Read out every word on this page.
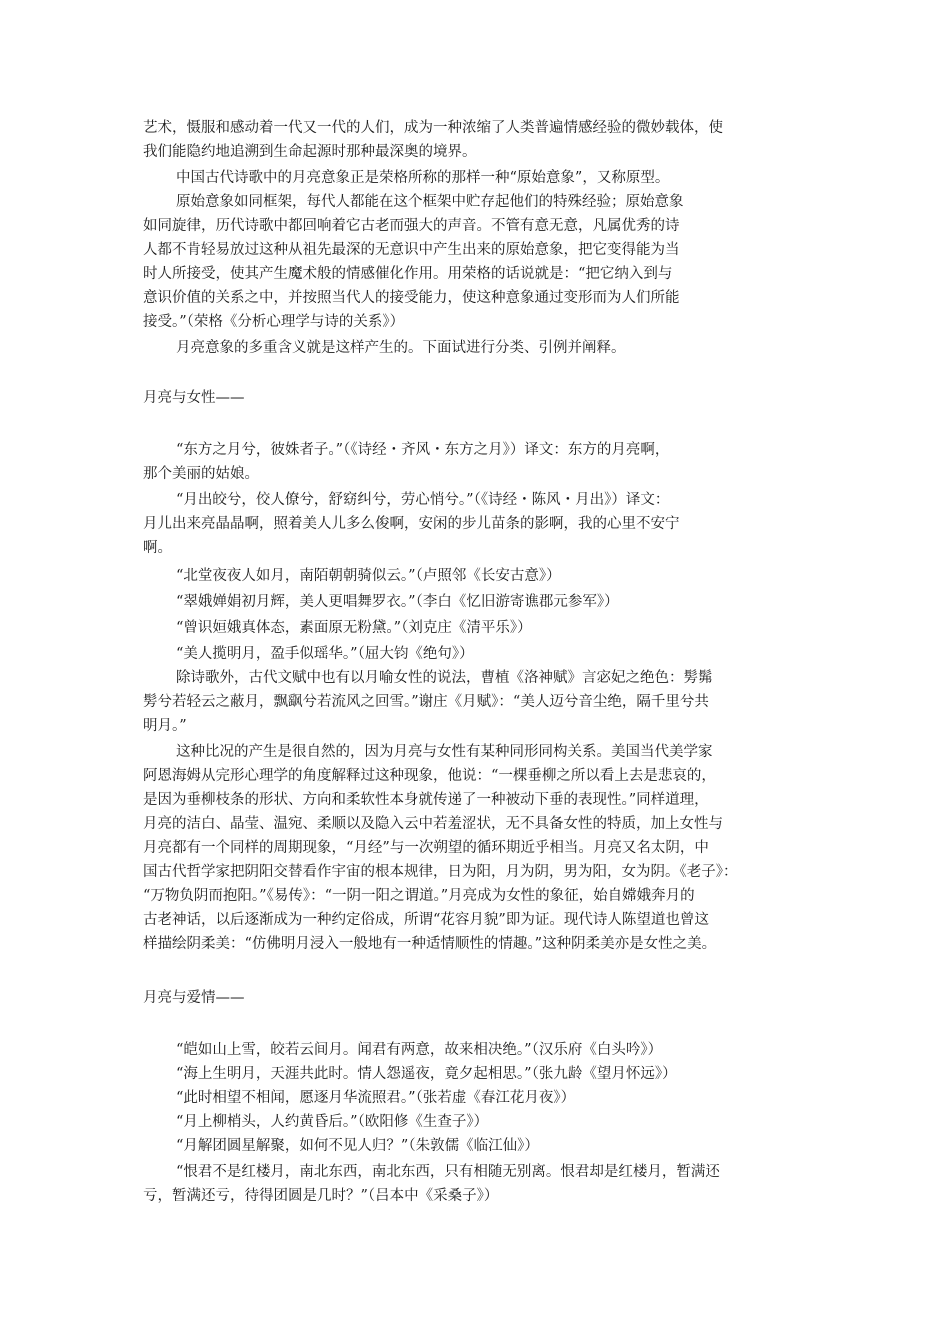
艺术，慑服和感动着一代又一代的人们，成为一种浓缩了人类普遍情感经验的微妙载体，使
我们能隐约地追溯到生命起源时那种最深奥的境界。
中国古代诗歌中的月亮意象正是荣格所称的那样一种“原始意象”，又称原型。
原始意象如同框架，每代人都能在这个框架中贮存起他们的特殊经验；原始意象
如同旋律，历代诗歌中都回响着它古老而强大的声音。不管有意无意，凡属优秀的诗
人都不肯轻易放过这种从祖先最深的无意识中产生出来的原始意象，把它变得能为当
时人所接受，使其产生魔术般的情感催化作用。用荣格的话说就是：“把它纳入到与
意识价值的关系之中，并按照当代人的接受能力，使这种意象通过变形而为人们所能
接受。”（荣格《分析心理学与诗的关系》）
月亮意象的多重含义就是这样产生的。下面试进行分类、引例并阐释。
月亮与女性——
“东方之月兮，彼姝者子。”（《诗经・齐风・东方之月》）译文：东方的月亮啊，
那个美丽的姑娘。
“月出皎兮，佼人僚兮，舒窈纠兮，劳心悄兮。”（《诗经・陈风・月出》）译文：
月儿出来亮晶晶啊，照着美人儿多么俊啊，安闲的步儿苗条的影啊，我的心里不安宁
啊。
“北堂夜夜人如月，南陌朝朝骑似云。”（卢照邻《长安古意》）
“翠娥婵娟初月辉，美人更唱舞罗衣。”（李白《忆旧游寄谯郡元参军》）
“曾识姮娥真体态，素面原无粉黛。”（刘克庄《清平乐》）
“美人揽明月，盈手似瑶华。”（屈大钧《绝句》）
除诗歌外，古代文赋中也有以月喻女性的说法，曹植《洛神赋》言宓妃之绝色：髣髴
髣兮若轻云之蔽月，飘飖兮若流风之回雪。”谢庄《月赋》：“美人迈兮音尘绝，隔千里兮共
明月。”
这种比况的产生是很自然的，因为月亮与女性有某种同形同构关系。美国当代美学家
阿恩海姆从完形心理学的角度解释过这种现象，他说：“一棵垂柳之所以看上去是悲哀的，
是因为垂柳枝条的形状、方向和柔软性本身就传递了一种被动下垂的表现性。”同样道理，
月亮的洁白、晶莹、温宛、柔顺以及隐入云中若羞涩状，无不具备女性的特质，加上女性与
月亮都有一个同样的周期现象，“月经”与一次朔望的循环期近乎相当。月亮又名太阴，中
国古代哲学家把阴阳交替看作宇宙的根本规律，日为阳，月为阴，男为阳，女为阴。《老子》：
“万物负阴而抱阳。”《易传》：“一阴一阳之谓道。”月亮成为女性的象征，始自嫦娥奔月的
古老神话，以后逐渐成为一种约定俗成，所谓“花容月貌”即为证。现代诗人陈望道也曾这
样描绘阴柔美：“仿佛明月浸入一般地有一种适情顺性的情趣。”这种阴柔美亦是女性之美。
月亮与爱情——
“皑如山上雪，皎若云间月。闻君有两意，故来相决绝。”（汉乐府《白头吟》）
“海上生明月，天涯共此时。情人怨遥夜，竟夕起相思。”（张九龄《望月怀远》）
“此时相望不相闻，愿逐月华流照君。”（张若虚《春江花月夜》）
“月上柳梢头，人约黄昏后。”（欧阳修《生查子》）
“月解团圆星解聚，如何不见人归？”（朱敦儒《临江仙》）
“恨君不是红楼月，南北东西，南北东西，只有相随无别离。恨君却是红楼月，暂满还
亏，暂满还亏，待得团圆是几时？”（吕本中《采桑子》）
